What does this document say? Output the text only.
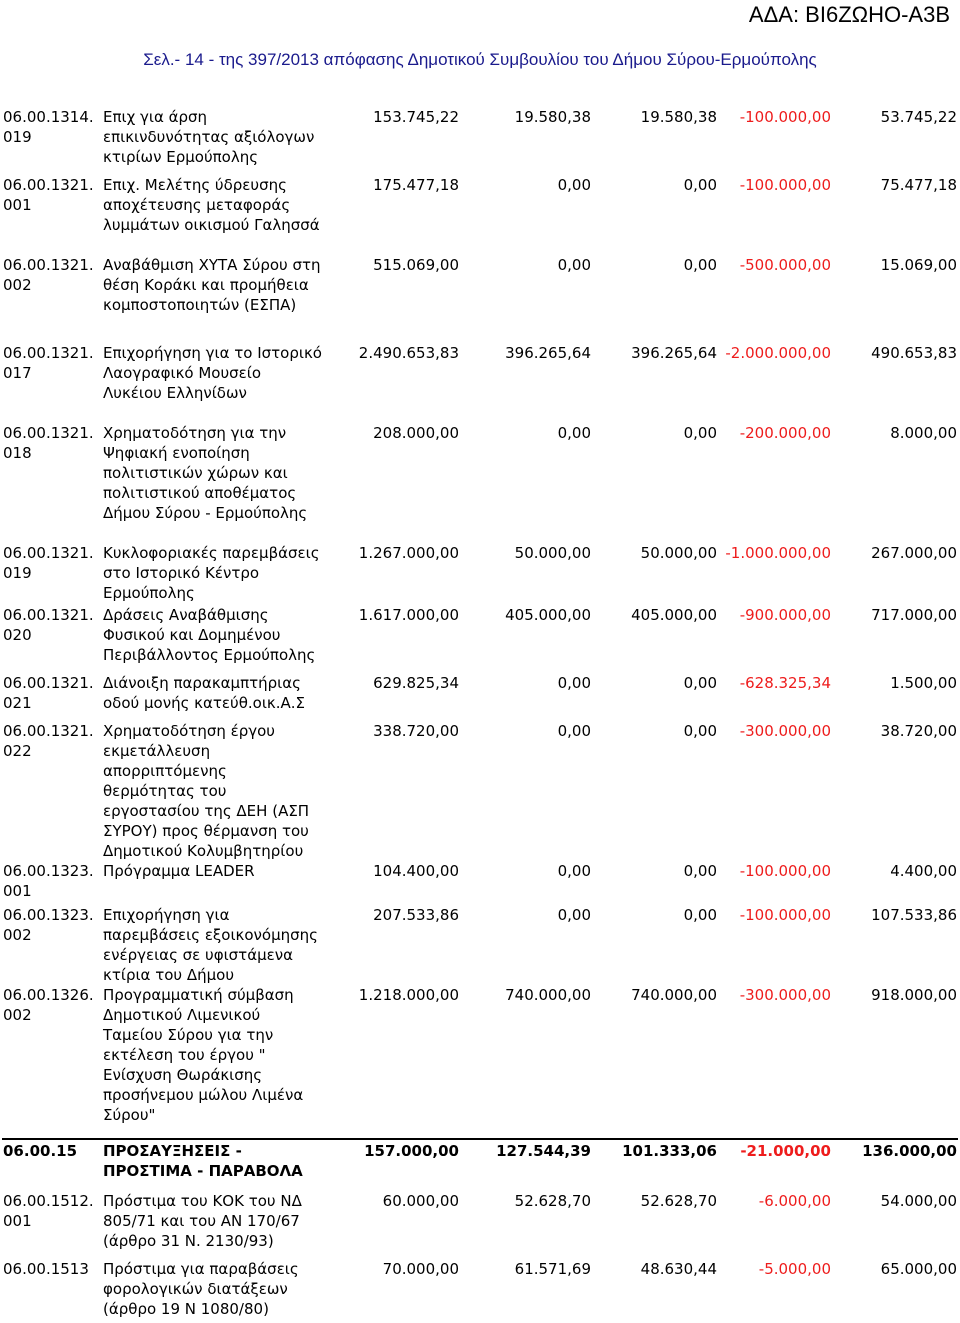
ΑΔΑ: ΒΙ6ΖΩΗΟ-Α3Β
Σελ.- 14 - της 397/2013 απόφασης Δημοτικού Συμβουλίου του Δήμου Σύρου-Ερμούπολης
06.00.1314.019	Επιχ για άρση επικινδυνότητας αξιόλογων κτιρίων Ερμούπολης	153.745,22	19.580,38	19.580,38	-100.000,00	53.745,22
06.00.1321.001	Επιχ. Μελέτης ύδρευσης αποχέτευσης μεταφοράς λυμμάτων οικισμού Γαλησσά	175.477,18	0,00	0,00	-100.000,00	75.477,18
06.00.1321.002	Αναβάθμιση ΧΥΤΑ Σύρου στη θέση Κοράκι και προμήθεια κομποστοποιητών (ΕΣΠΑ)	515.069,00	0,00	0,00	-500.000,00	15.069,00
06.00.1321.017	Επιχορήγηση για το Ιστορικό Λαογραφικό Μουσείο Λυκέιου Ελληνίδων	2.490.653,83	396.265,64	396.265,64	-2.000.000,00	490.653,83
06.00.1321.018	Χρηματοδότηση για την Ψηφιακή ενοποίηση πολιτιστικών χώρων και πολιτιστικού αποθέματος Δήμου Σύρου - Ερμούπολης	208.000,00	0,00	0,00	-200.000,00	8.000,00
06.00.1321.019	Κυκλοφοριακές παρεμβάσεις στο Ιστορικό Κέντρο Ερμούπολης	1.267.000,00	50.000,00	50.000,00	-1.000.000,00	267.000,00
06.00.1321.020	Δράσεις Αναβάθμισης Φυσικού και Δομημένου Περιβάλλοντος Ερμούπολης	1.617.000,00	405.000,00	405.000,00	-900.000,00	717.000,00
06.00.1321.021	Διάνοιξη παρακαμπτήριας οδού μονής κατεύθ.οικ.Α.Σ	629.825,34	0,00	0,00	-628.325,34	1.500,00
06.00.1321.022	Χρηματοδότηση έργου εκμετάλλευση απορριπτόμενης θερμότητας του εργοστασίου της ΔΕΗ (ΑΣΠ ΣΥΡΟΥ) προς θέρμανση του Δημοτικού Κολυμβητηρίου	338.720,00	0,00	0,00	-300.000,00	38.720,00
06.00.1323.001	Πρόγραμμα LEADER	104.400,00	0,00	0,00	-100.000,00	4.400,00
06.00.1323.002	Επιχορήγηση για παρεμβάσεις εξοικονόμησης ενέργειας σε υφιστάμενα κτίρια του Δήμου	207.533,86	0,00	0,00	-100.000,00	107.533,86
06.00.1326.002	Προγραμματική σύμβαση Δημοτικού Λιμενικού Ταμείου Σύρου για την εκτέλεση του έργου " Ενίσχυση Θωράκισης προσήνεμου μώλου Λιμένα Σύρου"	1.218.000,00	740.000,00	740.000,00	-300.000,00	918.000,00
06.00.15	ΠΡΟΣΑΥΞΗΣΕΙΣ - ΠΡΟΣΤΙΜΑ - ΠΑΡΑΒΟΛΑ	157.000,00	127.544,39	101.333,06	-21.000,00	136.000,00
06.00.1512.001	Πρόστιμα του ΚΟΚ του ΝΔ 805/71 και του ΑΝ 170/67 (άρθρο 31 Ν. 2130/93)	60.000,00	52.628,70	52.628,70	-6.000,00	54.000,00
06.00.1513	Πρόστιμα για παραβάσεις φορολογικών διατάξεων (άρθρο 19 Ν 1080/80)	70.000,00	61.571,69	48.630,44	-5.000,00	65.000,00
